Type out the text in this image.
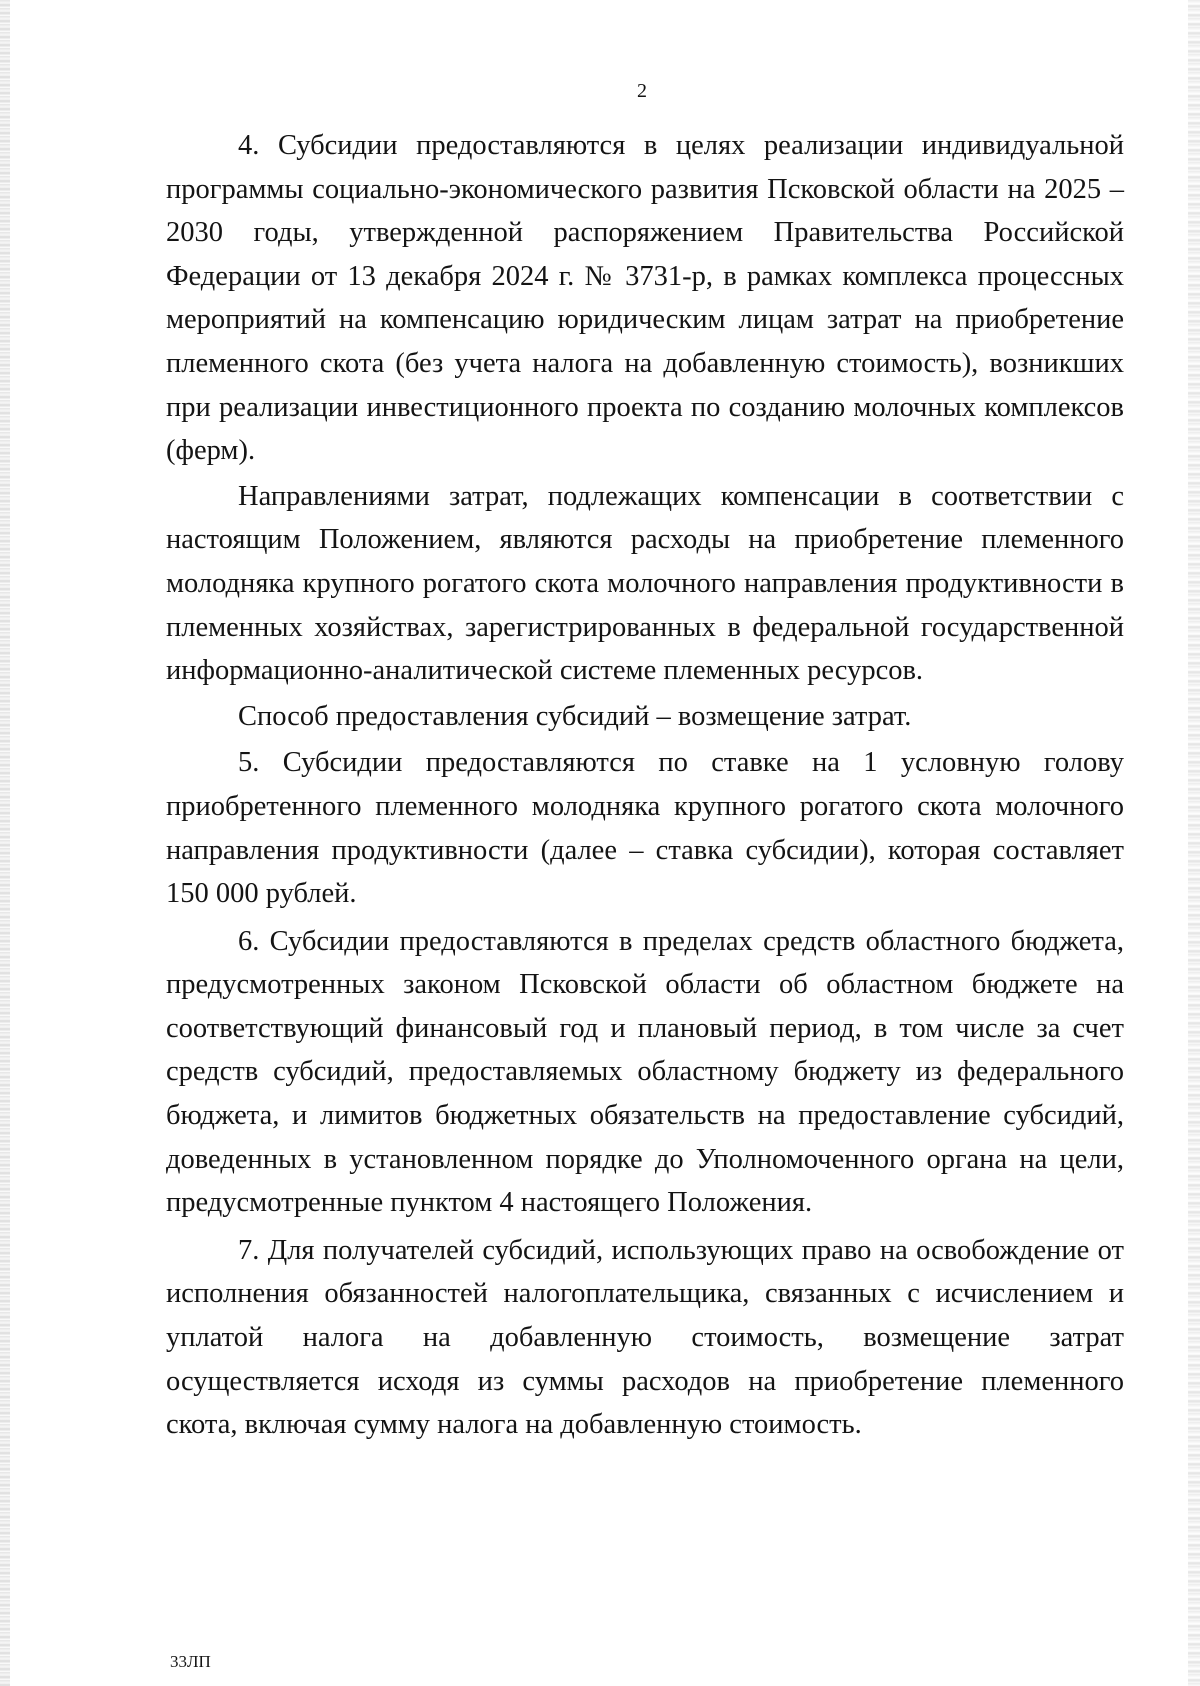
2

4. Субсидии предоставляются в целях реализации индивидуальной программы социально-экономического развития Псковской области на 2025 – 2030 годы, утвержденной распоряжением Правительства Российской Федерации от 13 декабря 2024 г. № 3731-р, в рамках комплекса процессных мероприятий на компенсацию юридическим лицам затрат на приобретение племенного скота (без учета налога на добавленную стоимость), возникших при реализации инвестиционного проекта по созданию молочных комплексов (ферм).

Направлениями затрат, подлежащих компенсации в соответствии с настоящим Положением, являются расходы на приобретение племенного молодняка крупного рогатого скота молочного направления продуктивности в племенных хозяйствах, зарегистрированных в федеральной государственной информационно-аналитической системе племенных ресурсов.

Способ предоставления субсидий – возмещение затрат.

5. Субсидии предоставляются по ставке на 1 условную голову приобретенного племенного молодняка крупного рогатого скота молочного направления продуктивности (далее – ставка субсидии), которая составляет 150 000 рублей.

6. Субсидии предоставляются в пределах средств областного бюджета, предусмотренных законом Псковской области об областном бюджете на соответствующий финансовый год и плановый период, в том числе за счет средств субсидий, предоставляемых областному бюджету из федерального бюджета, и лимитов бюджетных обязательств на предоставление субсидий, доведенных в установленном порядке до Уполномоченного органа на цели, предусмотренные пунктом 4 настоящего Положения.

7. Для получателей субсидий, использующих право на освобождение от исполнения обязанностей налогоплательщика, связанных с исчислением и уплатой налога на добавленную стоимость, возмещение затрат осуществляется исходя из суммы расходов на приобретение племенного скота, включая сумму налога на добавленную стоимость.

33ЛП
